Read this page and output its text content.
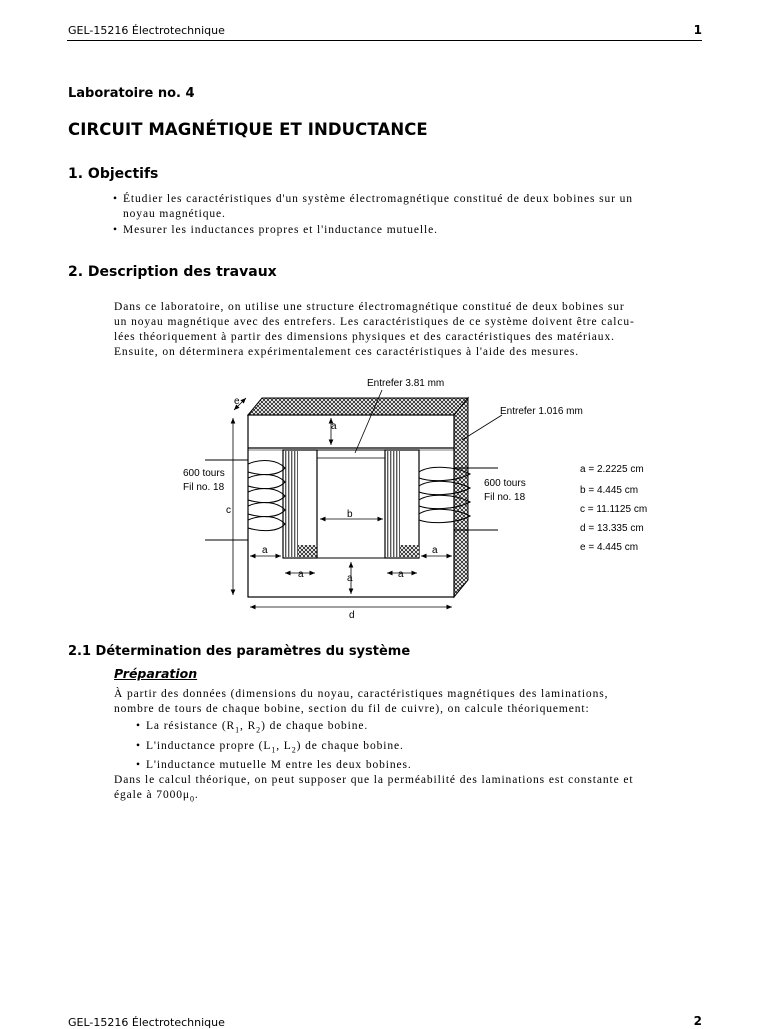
GEL-15216 Électrotechnique	1
Laboratoire no. 4
CIRCUIT MAGNÉTIQUE ET INDUCTANCE
1. Objectifs
• Étudier les caractéristiques d'un système électromagnétique constitué de deux bobines sur un
noyau magnétique.
• Mesurer les inductances propres et l'inductance mutuelle.
2. Description des travaux
Dans ce laboratoire, on utilise une structure électromagnétique constitué de deux bobines sur
un noyau magnétique avec des entrefers. Les caractéristiques de ce système doivent être calcu-
lées théoriquement à partir des dimensions physiques et des caractéristiques des matériaux.
Ensuite, on déterminera expérimentalement ces caractéristiques à l'aide des mesures.
a
b
a	a
a	a
a
d
c
e
Entrefer 3.81 mm
Entrefer 1.016 mm
600 tours
Fil no. 18	600 tours
Fil no. 18
a = 2.2225 cm
b = 4.445 cm
c = 11.1125 cm
d = 13.335 cm
e = 4.445 cm
2.1 Détermination des paramètres du système
Préparation
À partir des données (dimensions du noyau, caractéristiques magnétiques des laminations,
nombre de tours de chaque bobine, section du fil de cuivre), on calcule théoriquement:
• La résistance ($R_1$, $R_2$) de chaque bobine.
• L'inductance propre ($L_1$, $L_2$) de chaque bobine.
• L'inductance mutuelle M entre les deux bobines.
Dans le calcul théorique, on peut supposer que la perméabilité des laminations est constante et
égale à $7000\mu_0$.
GEL-15216 Électrotechnique	2
